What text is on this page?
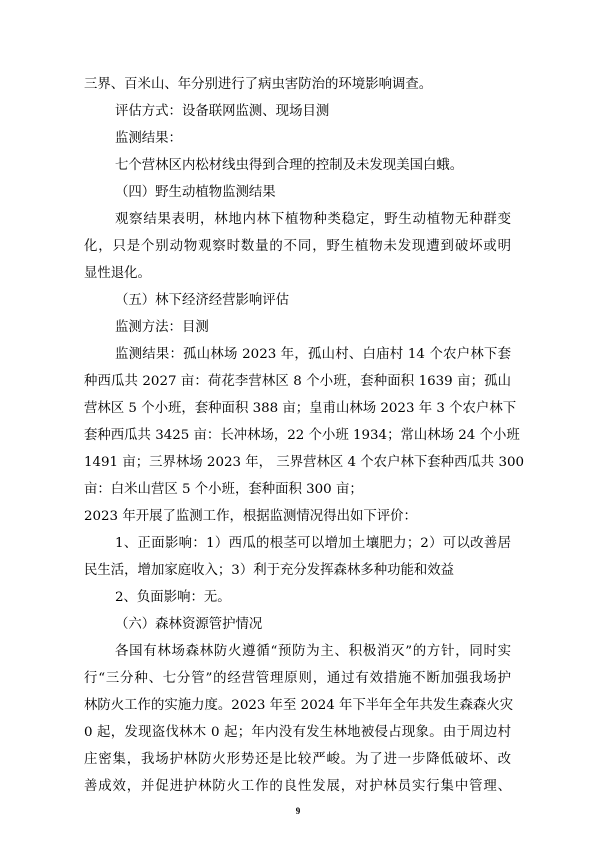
三界、百米山、年分别进行了病虫害防治的环境影响调查。
评估方式：设备联网监测、现场目测
监测结果：
七个营林区内松材线虫得到合理的控制及未发现美国白蛾。
（四）野生动植物监测结果
观察结果表明，林地内林下植物种类稳定，野生动植物无种群变
化，只是个别动物观察时数量的不同，野生植物未发现遭到破坏或明
显性退化。
（五）林下经济经营影响评估
监测方法：目测
监测结果：孤山林场 2023 年，孤山村、白庙村 14 个农户林下套
种西瓜共 2027 亩：荷花李营林区 8 个小班，套种面积 1639 亩；孤山
营林区 5 个小班，套种面积 388 亩；皇甫山林场 2023 年 3 个农户林下
套种西瓜共 3425 亩：长冲林场，22 个小班 1934；常山林场 24 个小班
1491 亩；三界林场 2023 年， 三界营林区 4 个农户林下套种西瓜共 300
亩：白米山营区 5 个小班，套种面积 300 亩；
2023 年开展了监测工作，根据监测情况得出如下评价：
1、正面影响：1）西瓜的根茎可以增加土壤肥力；2）可以改善居
民生活，增加家庭收入；3）利于充分发挥森林多种功能和效益
2、负面影响：无。
（六）森林资源管护情况
各国有林场森林防火遵循“预防为主、积极消灭”的方针，同时实
行“三分种、七分管”的经营管理原则，通过有效措施不断加强我场护
林防火工作的实施力度。2023 年至 2024 年下半年全年共发生森森火灾
0 起，发现盗伐林木 0 起；年内没有发生林地被侵占现象。由于周边村
庄密集，我场护林防火形势还是比较严峻。为了进一步降低破坏、改
善成效，并促进护林防火工作的良性发展，对护林员实行集中管理、
9
